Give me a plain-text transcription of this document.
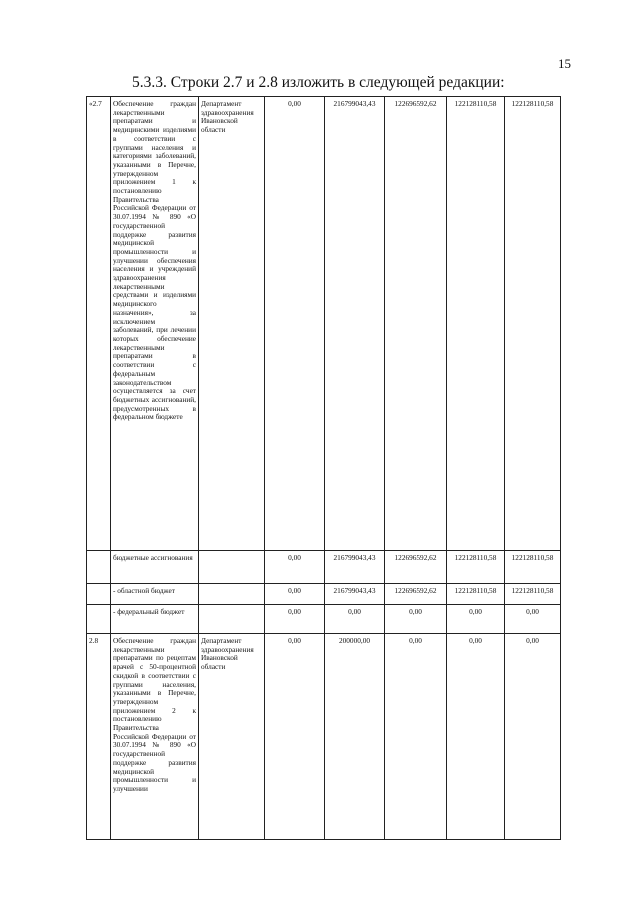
15
5.3.3. Строки 2.7 и 2.8 изложить в следующей редакции:
«2.7	Обеспечение граждан лекарственными препаратами и медицинскими изделиями в соответствии с группами населения и категориями заболеваний, указанными в Перечне, утвержденном приложением 1 к постановлению Правительства Российской Федерации от 30.07.1994 № 890 «О государственной поддержке развития медицинской промышленности и улучшении обеспечения населения и учреждений здравоохранения лекарственными средствами и изделиями медицинского назначения», за исключением заболеваний, при лечении которых обеспечение лекарственными препаратами в соответствии с федеральным законодательством осуществляется за счет бюджетных ассигнований, предусмотренных в федеральном бюджете	Департамент здравоохранения Ивановской области	0,00	216799043,43	122696592,62	122128110,58	122128110,58
	бюджетные ассигнования		0,00	216799043,43	122696592,62	122128110,58	122128110,58
	- областной бюджет		0,00	216799043,43	122696592,62	122128110,58	122128110,58
	- федеральный бюджет		0,00	0,00	0,00	0,00	0,00
2.8	Обеспечение граждан лекарственными препаратами по рецептам врачей с 50-процентной скидкой в соответствии с группами населения, указанными в Перечне, утвержденном приложением 2 к постановлению Правительства Российской Федерации от 30.07.1994 № 890 «О государственной поддержке развития медицинской промышленности и улучшении	Департамент здравоохранения Ивановской области	0,00	200000,00	0,00	0,00	0,00
